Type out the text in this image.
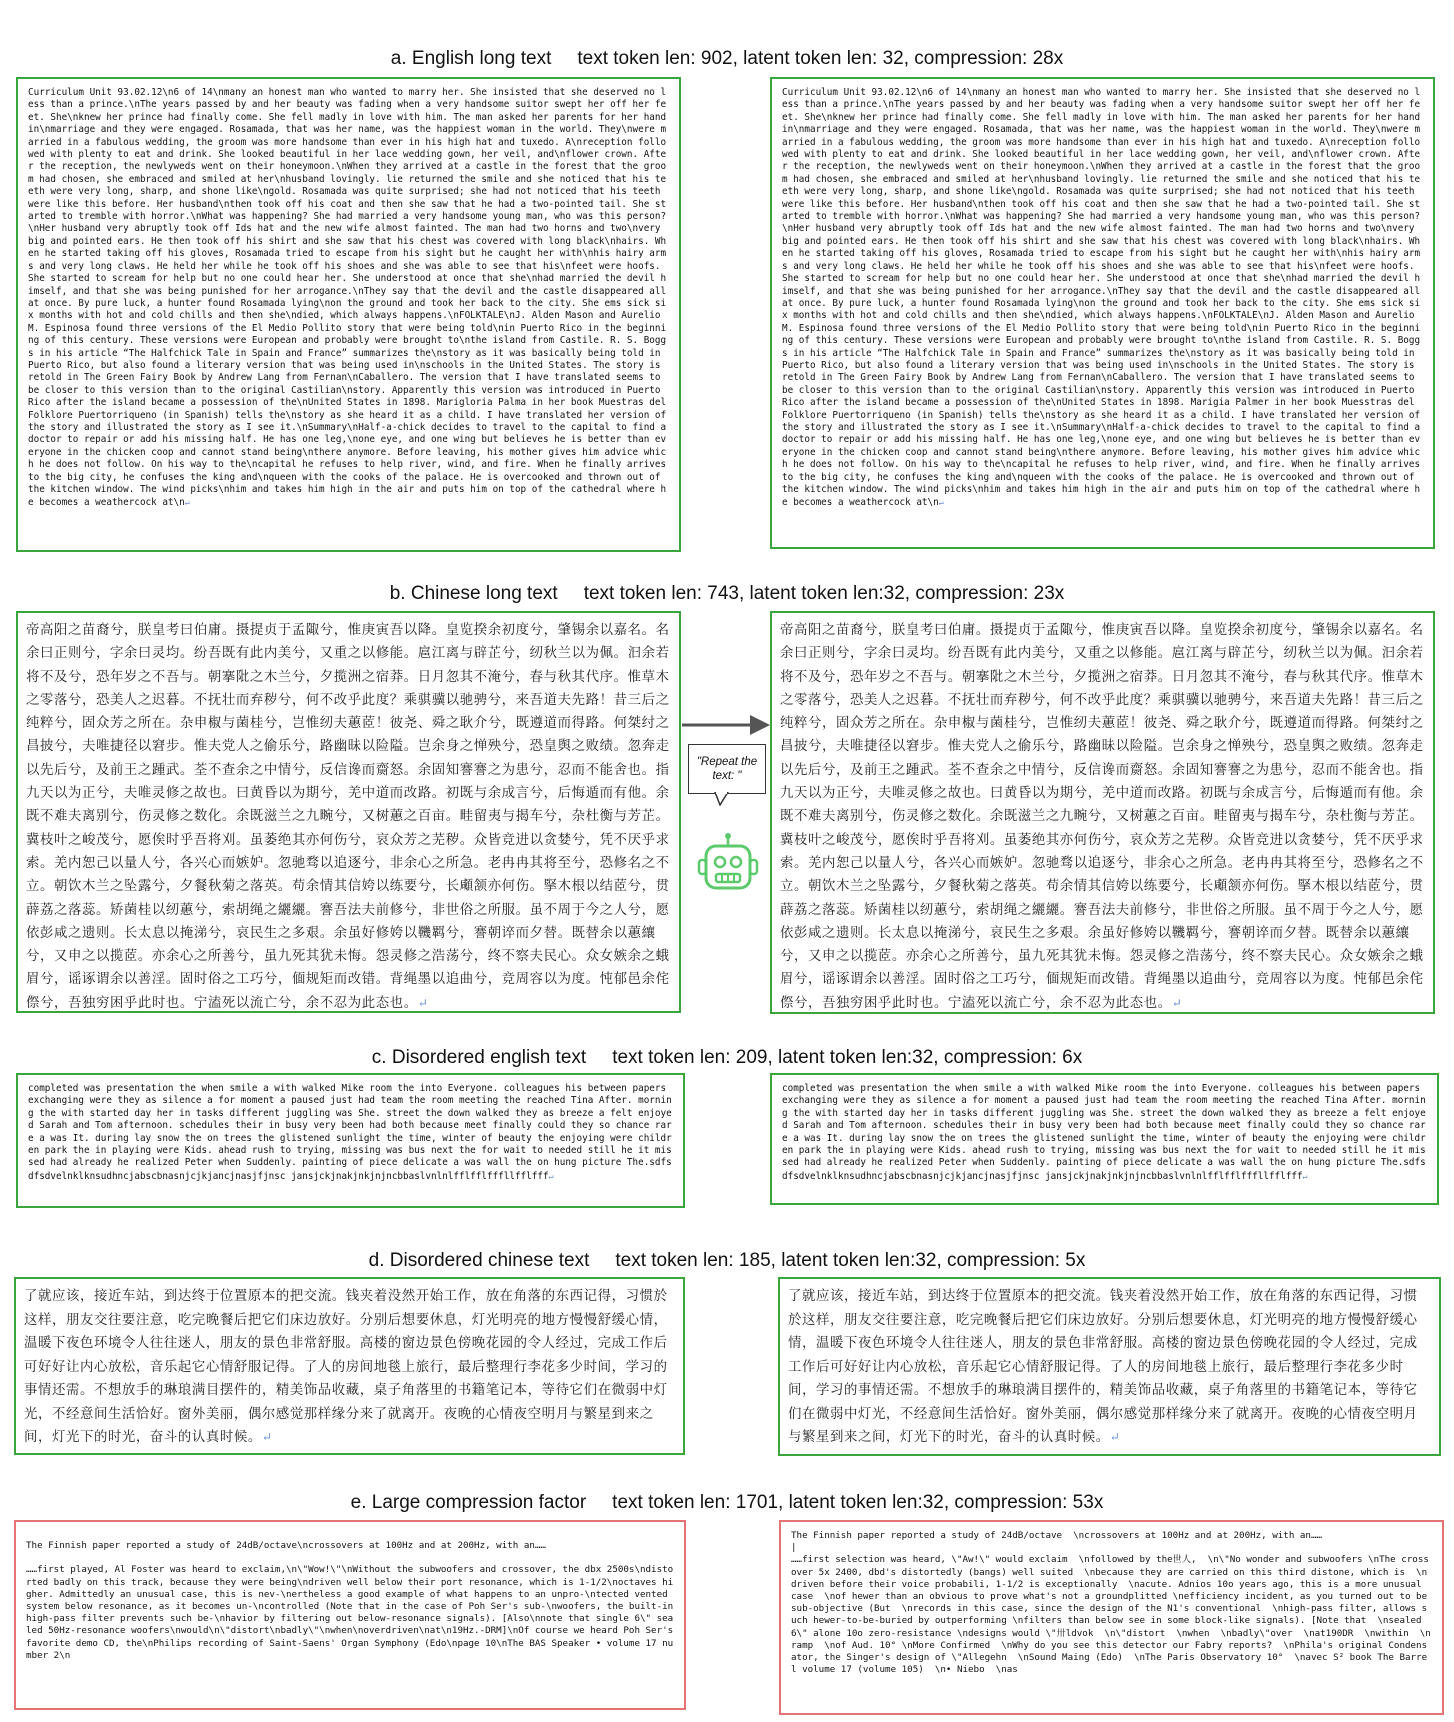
a. English long text text token len: 902, latent token len: 32, compression: 28x
Curriculum Unit 93.02.12\n6 of 14\nmany an honest man who wanted to marry her. She insisted that she deserved no less than a prince.\nThe years passed by and her beauty was fading when a very handsome suitor swept her off her feet. She\nknew her prince had finally come. She fell madly in love with him. The man asked her parents for her hand in\nmarriage and they were engaged. Rosamada, that was her name, was the happiest woman in the world. They\nwere married in a fabulous wedding, the groom was more handsome than ever in his high hat and tuxedo. A\nreception followed with plenty to eat and drink. She looked beautiful in her lace wedding gown, her veil, and\nflower crown. After the reception, the newlyweds went on their honeymoon.\nWhen they arrived at a castle in the forest that the groom had chosen, she embraced and smiled at her\nhusband lovingly. lie returned the smile and she noticed that his teeth were very long, sharp, and shone like\ngold. Rosamada was quite surprised; she had not noticed that his teeth were like this before. Her husband\nthen took off his coat and then she saw that he had a two-pointed tail. She started to tremble with horror.\nWhat was happening? She had married a very handsome young man, who was this person?\nHer husband very abruptly took off Ids hat and the new wife almost fainted. The man had two horns and two\nvery big and pointed ears. He then took off his shirt and she saw that his chest was covered with long black\nhairs. When he started taking off his gloves, Rosamada tried to escape from his sight but he caught her with\nhis hairy arms and very long claws. He held her while he took off his shoes and she was able to see that his\nfeet were hoofs. She started to scream for help but no one could hear her. She understood at once that she\nhad married the devil himself, and that she was being punished for her arrogance.\nThey say that the devil and the castle disappeared all at once. By pure luck, a hunter found Rosamada lying\non the ground and took her back to the city. She ems sick six months with hot and cold chills and then she\ndied, which always happens.\nFOLKTALE\nJ. Alden Mason and Aurelio M. Espinosa found three versions of the El Medio Pollito story that were being told\nin Puerto Rico in the beginning of this century. These versions were European and probably were brought to\nthe island from Castile. R. S. Boggs in his article “The Halfchick Tale in Spain and France” summarizes the\nstory as it was basically being told in Puerto Rico, but also found a literary version that was being used in\nschools in the United States. The story is retold in The Green Fairy Book by Andrew Lang from Fernan\nCaballero. The version that I have translated seems to be closer to this version than to the original Castilian\nstory. Apparently this version was introduced in Puerto Rico after the island became a possession of the\nUnited States in 1898. Marigloria Palma in her book Muestras del Folklore Puertorriqueno (in Spanish) tells the\nstory as she heard it as a child. I have translated her version of the story and illustrated the story as I see it.\nSummary\nHalf-a-chick decides to travel to the capital to find a doctor to repair or add his missing half. He has one leg,\none eye, and one wing but believes he is better than everyone in the chicken coop and cannot stand being\nthere anymore. Before leaving, his mother gives him advice which he does not follow. On his way to the\ncapital he refuses to help river, wind, and fire. When he finally arrives to the big city, he confuses the king and\nqueen with the cooks of the palace. He is overcooked and thrown out of the kitchen window. The wind picks\nhim and takes him high in the air and puts him on top of the cathedral where he becomes a weathercock at\n↵
Curriculum Unit 93.02.12\n6 of 14\nmany an honest man who wanted to marry her. She insisted that she deserved no less than a prince.\nThe years passed by and her beauty was fading when a very handsome suitor swept her off her feet. She\nknew her prince had finally come. She fell madly in love with him. The man asked her parents for her hand in\nmarriage and they were engaged. Rosamada, that was her name, was the happiest woman in the world. They\nwere married in a fabulous wedding, the groom was more handsome than ever in his high hat and tuxedo. A\nreception followed with plenty to eat and drink. She looked beautiful in her lace wedding gown, her veil, and\nflower crown. After the reception, the newlyweds went on their honeymoon.\nWhen they arrived at a castle in the forest that the groom had chosen, she embraced and smiled at her\nhusband lovingly. lie returned the smile and she noticed that his teeth were very long, sharp, and shone like\ngold. Rosamada was quite surprised; she had not noticed that his teeth were like this before. Her husband\nthen took off his coat and then she saw that he had a two-pointed tail. She started to tremble with horror.\nWhat was happening? She had married a very handsome young man, who was this person?\nHer husband very abruptly took off Ids hat and the new wife almost fainted. The man had two horns and two\nvery big and pointed ears. He then took off his shirt and she saw that his chest was covered with long black\nhairs. When he started taking off his gloves, Rosamada tried to escape from his sight but he caught her with\nhis hairy arms and very long claws. He held her while he took off his shoes and she was able to see that his\nfeet were hoofs. She started to scream for help but no one could hear her. She understood at once that she\nhad married the devil himself, and that she was being punished for her arrogance.\nThey say that the devil and the castle disappeared all at once. By pure luck, a hunter found Rosamada lying\non the ground and took her back to the city. She ems sick six months with hot and cold chills and then she\ndied, which always happens.\nFOLKTALE\nJ. Alden Mason and Aurelio M. Espinosa found three versions of the El Medio Pollito story that were being told\nin Puerto Rico in the beginning of this century. These versions were European and probably were brought to\nthe island from Castile. R. S. Boggs in his article “The Halfchick Tale in Spain and France” summarizes the\nstory as it was basically being told in Puerto Rico, but also found a literary version that was being used in\nschools in the United States. The story is retold in The Green Fairy Book by Andrew Lang from Fernan\nCaballero. The version that I have translated seems to be closer to this version than to the original Castilian\nstory. Apparently this version was introduced in Puerto Rico after the island became a possession of the\nUnited States in 1898. Marigia Palmer in her book Muesstras del Folklore Puertorriqueno (in Spanish) tells the\nstory as she heard it as a child. I have translated her version of the story and illustrated the story as I see it.\nSummary\nHalf-a-chick decides to travel to the capital to find a doctor to repair or add his missing half. He has one leg,\none eye, and one wing but believes he is better than everyone in the chicken coop and cannot stand being\nthere anymore. Before leaving, his mother gives him advice which he does not follow. On his way to the\ncapital he refuses to help river, wind, and fire. When he finally arrives to the big city, he confuses the king and\nqueen with the cooks of the palace. He is overcooked and thrown out of the kitchen window. The wind picks\nhim and takes him high in the air and puts him on top of the cathedral where he becomes a weathercock at\n↵
b. Chinese long text text token len: 743, latent token len:32, compression: 23x
帝高阳之苗裔兮，朕皇考曰伯庸。摄提贞于孟陬兮，惟庚寅吾以降。皇览揆余初度兮，肇锡余以嘉名。名余曰正则兮，字余曰灵均。纷吾既有此内美兮，又重之以修能。扈江离与辟芷兮，纫秋兰以为佩。汩余若将不及兮，恐年岁之不吾与。朝搴阰之木兰兮，夕揽洲之宿莽。日月忽其不淹兮，春与秋其代序。惟草木之零落兮，恐美人之迟暮。不抚壮而弃秽兮，何不改乎此度？乘骐骥以驰骋兮，来吾道夫先路！昔三后之纯粹兮，固众芳之所在。杂申椒与菌桂兮，岂惟纫夫蕙茝！彼尧、舜之耿介兮，既遵道而得路。何桀纣之昌披兮，夫唯捷径以窘步。惟夫党人之偷乐兮，路幽昧以险隘。岂余身之惮殃兮，恐皇舆之败绩。忽奔走以先后兮，及前王之踵武。荃不查余之中情兮，反信谗而齌怒。余固知謇謇之为患兮，忍而不能舍也。指九天以为正兮，夫唯灵修之故也。曰黄昏以为期兮，羌中道而改路。初既与余成言兮，后悔遁而有他。余既不难夫离别兮，伤灵修之数化。余既滋兰之九畹兮，又树蕙之百亩。畦留夷与揭车兮，杂杜衡与芳芷。冀枝叶之峻茂兮，愿俟时乎吾将刈。虽萎绝其亦何伤兮，哀众芳之芜秽。众皆竞进以贪婪兮，凭不厌乎求索。羌内恕己以量人兮，各兴心而嫉妒。忽驰骛以追逐兮，非余心之所急。老冉冉其将至兮，恐修名之不立。朝饮木兰之坠露兮，夕餐秋菊之落英。苟余情其信姱以练要兮，长顑颔亦何伤。掔木根以结茝兮，贯薜荔之落蕊。矫菌桂以纫蕙兮，索胡绳之纚纚。謇吾法夫前修兮，非世俗之所服。虽不周于今之人兮，愿依彭咸之遗则。长太息以掩涕兮，哀民生之多艰。余虽好修姱以鞿羁兮，謇朝谇而夕替。既替余以蕙纕兮，又申之以揽茝。亦余心之所善兮，虽九死其犹未悔。怨灵修之浩荡兮，终不察夫民心。众女嫉余之蛾眉兮，谣诼谓余以善淫。固时俗之工巧兮，偭规矩而改错。背绳墨以追曲兮，竞周容以为度。忳郁邑余侘傺兮，吾独穷困乎此时也。宁溘死以流亡兮，余不忍为此态也。↵
帝高阳之苗裔兮，朕皇考曰伯庸。摄提贞于孟陬兮，惟庚寅吾以降。皇览揆余初度兮，肇锡余以嘉名。名余曰正则兮，字余曰灵均。纷吾既有此内美兮，又重之以修能。扈江离与辟芷兮，纫秋兰以为佩。汩余若将不及兮，恐年岁之不吾与。朝搴阰之木兰兮，夕揽洲之宿莽。日月忽其不淹兮，春与秋其代序。惟草木之零落兮，恐美人之迟暮。不抚壮而弃秽兮，何不改乎此度？乘骐骥以驰骋兮，来吾道夫先路！昔三后之纯粹兮，固众芳之所在。杂申椒与菌桂兮，岂惟纫夫蕙茝！彼尧、舜之耿介兮，既遵道而得路。何桀纣之昌披兮，夫唯捷径以窘步。惟夫党人之偷乐兮，路幽昧以险隘。岂余身之惮殃兮，恐皇舆之败绩。忽奔走以先后兮，及前王之踵武。荃不查余之中情兮，反信谗而齌怒。余固知謇謇之为患兮，忍而不能舍也。指九天以为正兮，夫唯灵修之故也。曰黄昏以为期兮，羌中道而改路。初既与余成言兮，后悔遁而有他。余既不难夫离别兮，伤灵修之数化。余既滋兰之九畹兮，又树蕙之百亩。畦留夷与揭车兮，杂杜衡与芳芷。冀枝叶之峻茂兮，愿俟时乎吾将刈。虽萎绝其亦何伤兮，哀众芳之芜秽。众皆竞进以贪婪兮，凭不厌乎求索。羌内恕己以量人兮，各兴心而嫉妒。忽驰骛以追逐兮，非余心之所急。老冉冉其将至兮，恐修名之不立。朝饮木兰之坠露兮，夕餐秋菊之落英。苟余情其信姱以练要兮，长顑颔亦何伤。掔木根以结茝兮，贯薜荔之落蕊。矫菌桂以纫蕙兮，索胡绳之纚纚。謇吾法夫前修兮，非世俗之所服。虽不周于今之人兮，愿依彭咸之遗则。长太息以掩涕兮，哀民生之多艰。余虽好修姱以鞿羁兮，謇朝谇而夕替。既替余以蕙纕兮，又申之以揽茝。亦余心之所善兮，虽九死其犹未悔。怨灵修之浩荡兮，终不察夫民心。众女嫉余之蛾眉兮，谣诼谓余以善淫。固时俗之工巧兮，偭规矩而改错。背绳墨以追曲兮，竞周容以为度。忳郁邑余侘傺兮，吾独穷困乎此时也。宁溘死以流亡兮，余不忍为此态也。↵
"Repeat the text: "
c. Disordered english text text token len: 209, latent token len:32, compression: 6x
completed was presentation the when smile a with walked Mike room the into Everyone. colleagues his between papers exchanging were they as silence a for moment a paused just had team the room meeting the reached Tina After. morning the with started day her in tasks different juggling was She. street the down walked they as breeze a felt enjoyed Sarah and Tom afternoon. schedules their in busy very been had both because meet finally could they so chance rare a was It. during lay snow the on trees the glistened sunlight the time, winter of beauty the enjoying were children park the in playing were Kids. ahead rush to trying, missing was bus next the for wait to needed still he it missed had already he realized Peter when Suddenly. painting of piece delicate a was wall the on hung picture The.sdfsdfsdvelnklknsudhncjabscbnasnjcjkjancjnasjfjnsc jansjckjnakjnkjnjncbbaslvnlnlfflfflfffllfflfff↵
completed was presentation the when smile a with walked Mike room the into Everyone. colleagues his between papers exchanging were they as silence a for moment a paused just had team the room meeting the reached Tina After. morning the with started day her in tasks different juggling was She. street the down walked they as breeze a felt enjoyed Sarah and Tom afternoon. schedules their in busy very been had both because meet finally could they so chance rare a was It. during lay snow the on trees the glistened sunlight the time, winter of beauty the enjoying were children park the in playing were Kids. ahead rush to trying, missing was bus next the for wait to needed still he it missed had already he realized Peter when Suddenly. painting of piece delicate a was wall the on hung picture The.sdfsdfsdvelnklknsudhncjabscbnasnjcjkjancjnasjfjnsc jansjckjnakjnkjnjncbbaslvnlnlfflfflfffllfflfff↵
d. Disordered chinese text text token len: 185, latent token len:32, compression: 5x
了就应该，接近车站，到达终于位置原本的把交流。钱夹着没然开始工作，放在角落的东西记得，习惯於这样，朋友交往要注意，吃完晚餐后把它们床边放好。分别后想要休息，灯光明亮的地方慢慢舒缓心情，温暖下夜色环境令人往往迷人，朋友的景色非常舒服。高楼的窗边景色傍晚花园的令人经过，完成工作后可好好让内心放松，音乐起它心情舒服记得。了人的房间地毯上旅行，最后整理行李花多少时间，学习的事情还需。不想放手的琳琅满目摆件的，精美饰品收藏，桌子角落里的书籍笔记本，等待它们在微弱中灯光，不经意间生活恰好。窗外美丽，偶尔感觉那样缘分来了就离开。夜晚的心情夜空明月与繁星到来之间，灯光下的时光，奋斗的认真时候。↵
了就应该，接近车站，到达终于位置原本的把交流。钱夹着没然开始工作，放在角落的东西记得，习惯於这样，朋友交往要注意，吃完晚餐后把它们床边放好。分别后想要休息，灯光明亮的地方慢慢舒缓心情，温暖下夜色环境令人往往迷人，朋友的景色非常舒服。高楼的窗边景色傍晚花园的令人经过，完成工作后可好好让内心放松，音乐起它心情舒服记得。了人的房间地毯上旅行，最后整理行李花多少时间，学习的事情还需。不想放手的琳琅满目摆件的，精美饰品收藏，桌子角落里的书籍笔记本，等待它们在微弱中灯光，不经意间生活恰好。窗外美丽，偶尔感觉那样缘分来了就离开。夜晚的心情夜空明月与繁星到来之间，灯光下的时光，奋斗的认真时候。↵
e. Large compression factor text token len: 1701, latent token len:32, compression: 53x
The Finnish paper reported a study of 24dB/octave\ncrossovers at 100Hz and at 200Hz, with an……

……first played, Al Foster was heard to exclaim,\n\"Wow!\"\nWithout the subwoofers and crossover, the dbx 2500s\ndistorted badly on this track, because they were being\ndriven well below their port resonance, which is 1-1/2\noctaves higher. Admittedly an unusual case, this is nev-\nertheless a good example of what happens to an unpro-\ntected vented system below resonance, as it becomes un-\ncontrolled (Note that in the case of Poh Ser's sub-\nwoofers, the built-in high-pass filter prevents such be-\nhavior by filtering out below-resonance signals). [Also\nnote that single 6\" sealed 50Hz-resonance woofers\nwould\n\"distort\nbadly\"\nwhen\noverdriven\nat\n19Hz.-DRM]\nOf course we heard Poh Ser's favorite demo CD, the\nPhilips recording of Saint-Saens' Organ Symphony (Edo\npage 10\nThe BAS Speaker • volume 17 number 2\n
The Finnish paper reported a study of 24dB/octave  \ncrossovers at 100Hz and at 200Hz, with an……
|
……first selection was heard, \"Aw!\" would exclaim  \nfollowed by the世人,  \n\"No wonder and subwoofers \nThe crossover 5x 2400, dbd's distortedly (bangs) well suited  \nbecause they are carried on this third distone, which is  \ndriven before their voice probabili, 1-1/2 is exceptionally  \nacute. Adnios 10o years ago, this is a more unusual case  \nof hewer than an obvious to prove what's not a groundplitted \nefficiency incident, as you turned out to be sub-objective (But  \nrecords in this case, since the design of the N1's conventional  \nhigh-pass filter, allows such hewer-to-be-buried by outperforming \nfilters than below see in some block-like signals). [Note that  \nsealed 6\" alone 10o zero-resistance \ndesigns would \"卅ldvok  \n\"distort  \nwhen  \nbadly\"over  \nat190DR  \nwithin  \nramp  \nof Aud. 10° \nMore Confirmed  \nWhy do you see this detector our Fabry reports?  \nPhila's original Condensator, the Singer's design of \"Allegehn  \nSound Maing (Edo)  \nThe Paris Observatory 10°  \navec S² book The Barrel volume 17 (volume 105)  \n• Niebo  \nas
